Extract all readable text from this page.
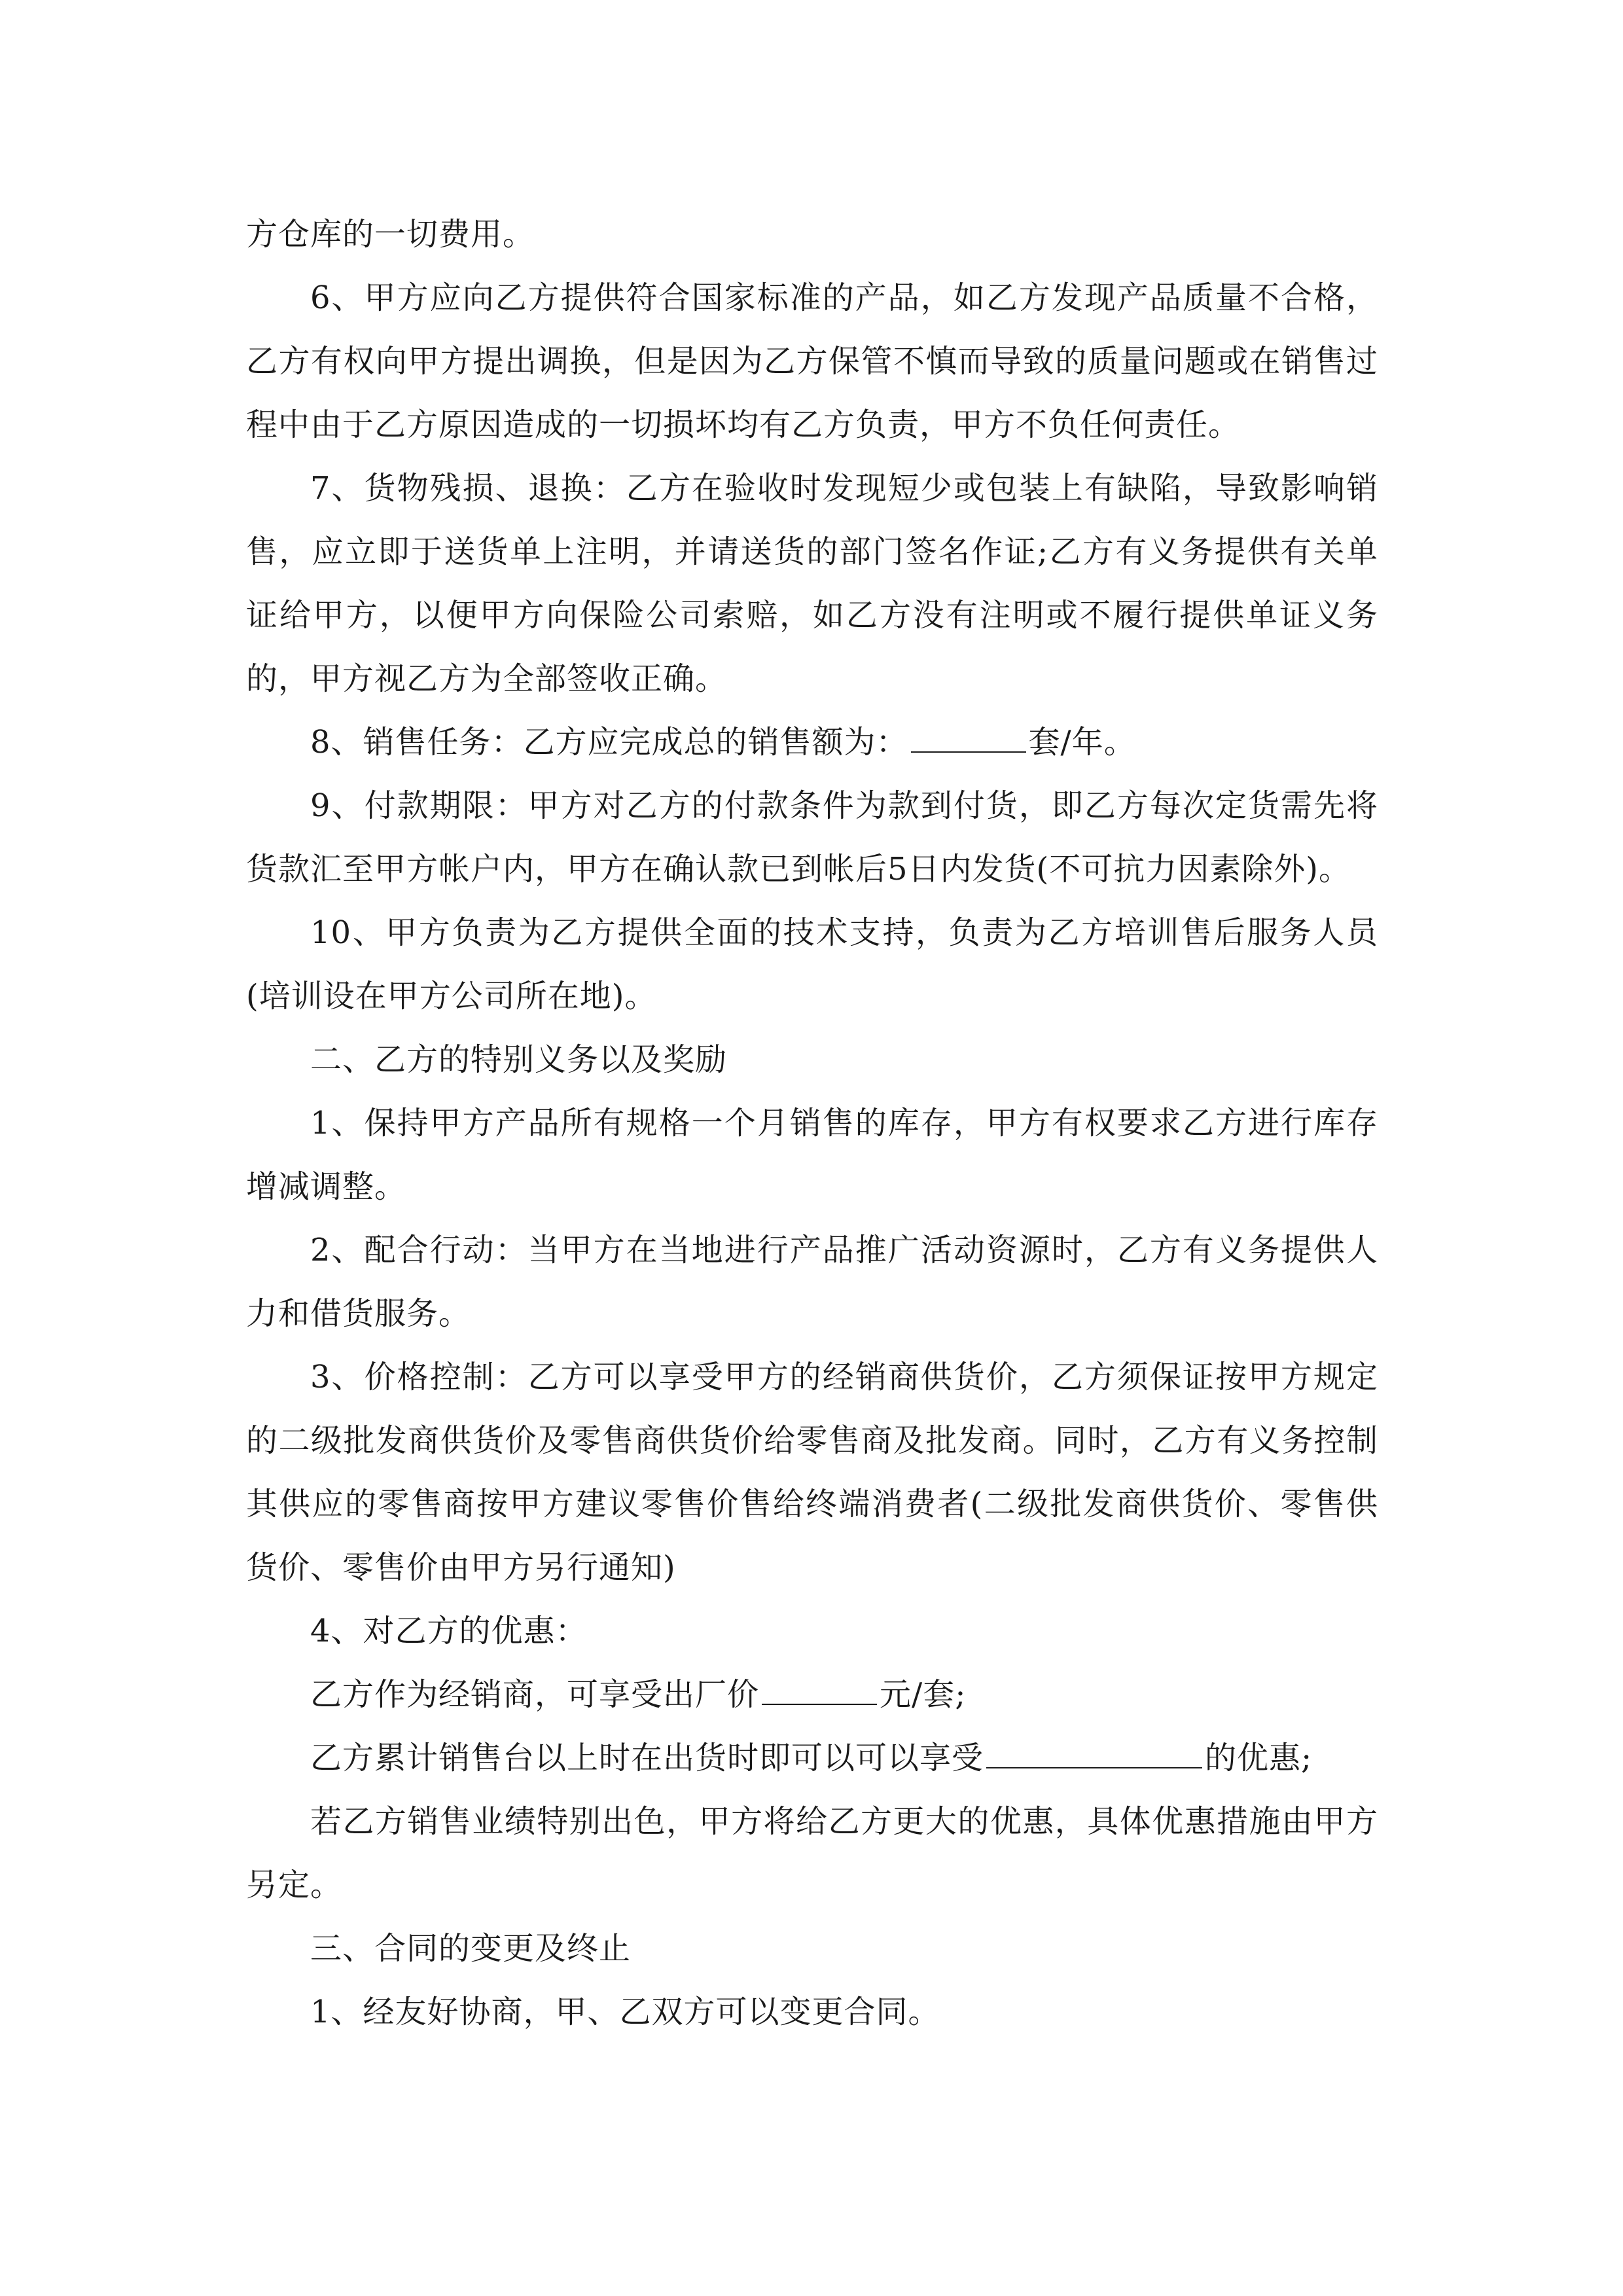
方仓库的一切费用。

6、甲方应向乙方提供符合国家标准的产品，如乙方发现产品质量不合格，乙方有权向甲方提出调换，但是因为乙方保管不慎而导致的质量问题或在销售过程中由于乙方原因造成的一切损坏均有乙方负责，甲方不负任何责任。

7、货物残损、退换：乙方在验收时发现短少或包装上有缺陷，导致影响销售，应立即于送货单上注明，并请送货的部门签名作证;乙方有义务提供有关单证给甲方，以便甲方向保险公司索赔，如乙方没有注明或不履行提供单证义务的，甲方视乙方为全部签收正确。

8、销售任务：乙方应完成总的销售额为：	套/年。

9、付款期限：甲方对乙方的付款条件为款到付货，即乙方每次定货需先将货款汇至甲方帐户内，甲方在确认款已到帐后5日内发货(不可抗力因素除外)。

10、甲方负责为乙方提供全面的技术支持，负责为乙方培训售后服务人员(培训设在甲方公司所在地)。

二、乙方的特别义务以及奖励

1、保持甲方产品所有规格一个月销售的库存，甲方有权要求乙方进行库存增减调整。

2、配合行动：当甲方在当地进行产品推广活动资源时，乙方有义务提供人力和借货服务。

3、价格控制：乙方可以享受甲方的经销商供货价，乙方须保证按甲方规定的二级批发商供货价及零售商供货价给零售商及批发商。同时，乙方有义务控制其供应的零售商按甲方建议零售价售给终端消费者(二级批发商供货价、零售供货价、零售价由甲方另行通知)

4、对乙方的优惠：

乙方作为经销商，可享受出厂价	元/套;

乙方累计销售台以上时在出货时即可以可以享受	的优惠;

若乙方销售业绩特别出色，甲方将给乙方更大的优惠，具体优惠措施由甲方另定。

三、合同的变更及终止

1、经友好协商，甲、乙双方可以变更合同。
